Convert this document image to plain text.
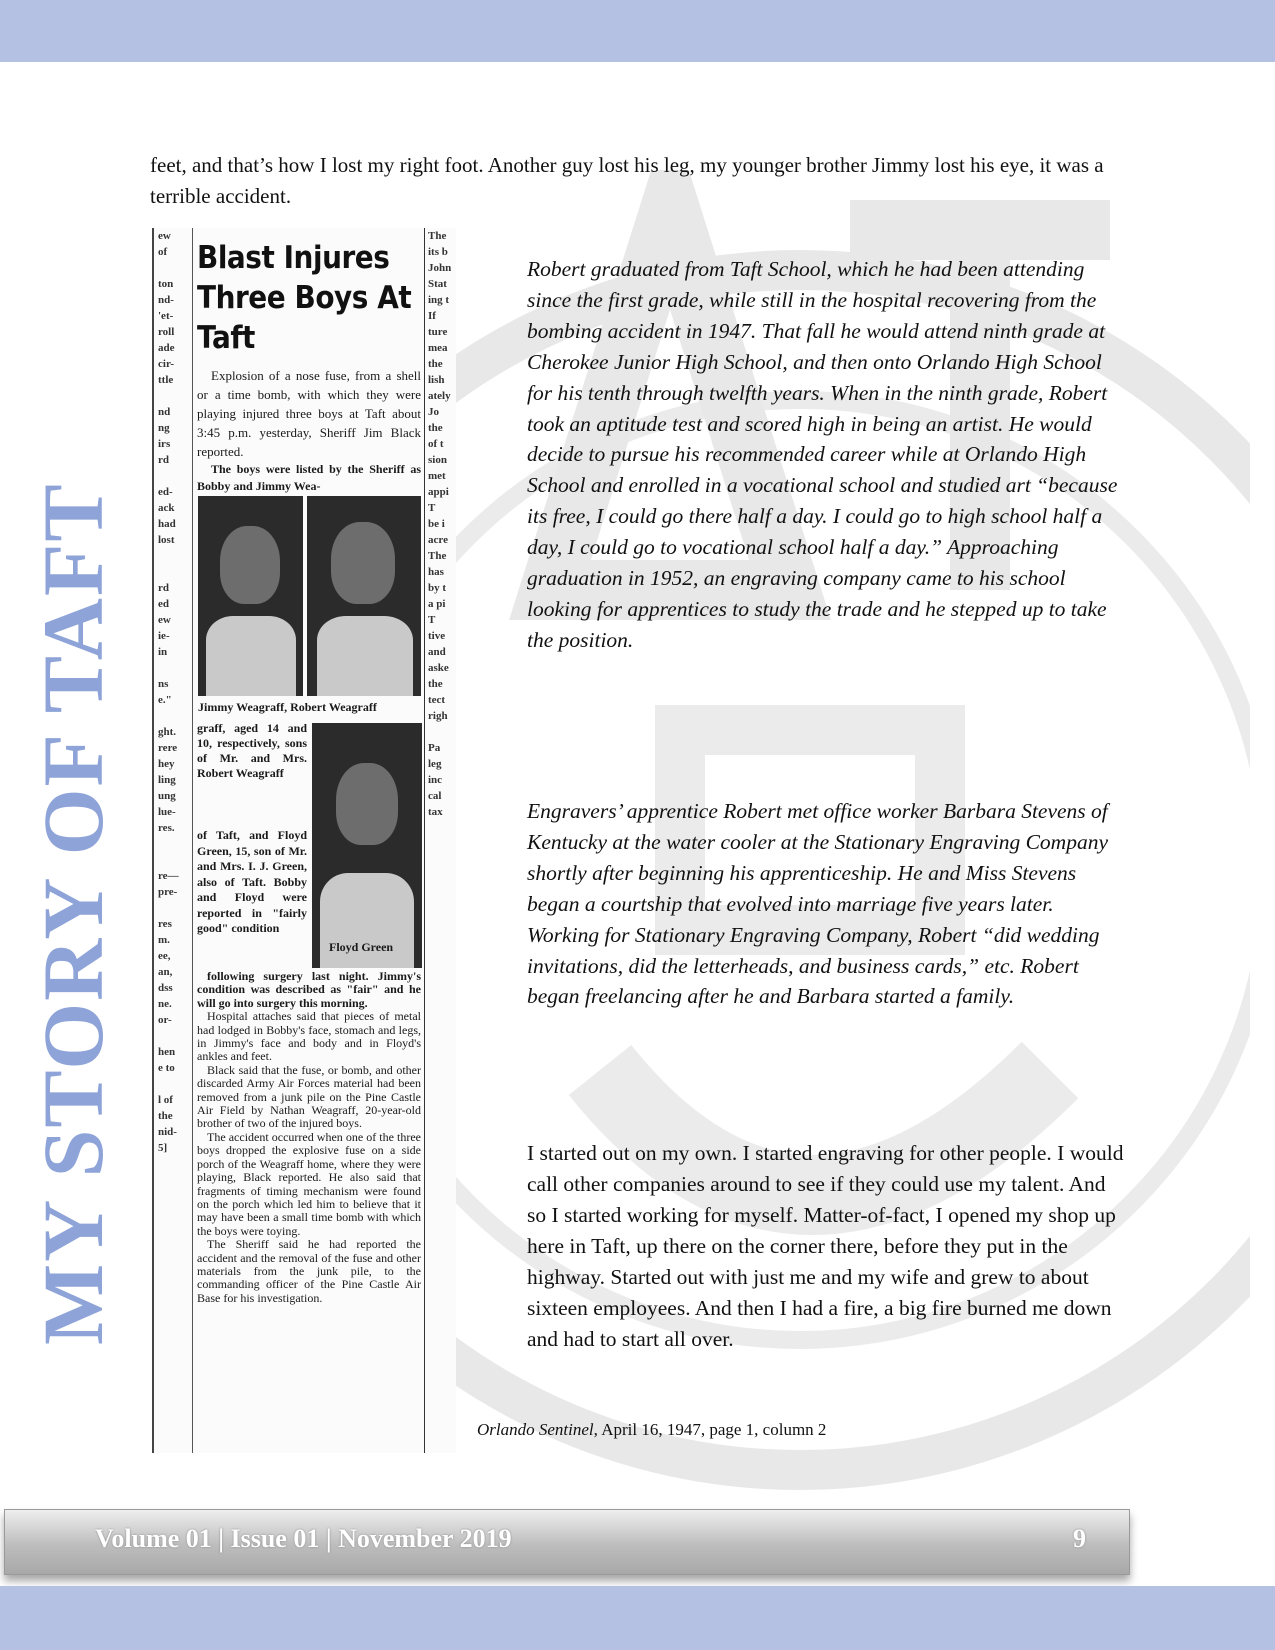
MY STORY OF TAFT
feet, and that’s how I lost my right foot. Another guy lost his leg, my younger brother Jimmy lost his eye, it was a terrible accident.
ew
of

ton
nd-
'et-
roll
ade
cir-
ttle

nd
ng
irs
rd

ed-
ack
had
lost

rd
ed
ew
ie-
in

ns
e."

ght.
rere
hey
ling
ung
lue-
res.

re—
pre-

res
m.
ee,
an,
dss
ne.
or-

hen
e to

l of
the
nid-
5]
The
its b
John
Stat
ing t
If
ture
mea
the
lish
ately
Jo
the
of t
sion
met
appi
T
be i
acre
The
has
by t
a pi
T
tive
and
aske
the
tect
righ

Pa
leg
inc
cal
tax
Blast Injures Three Boys At Taft

Explosion of a nose fuse, from a shell or a time bomb, with which they were playing injured three boys at Taft about 3:45 p.m. yesterday, Sheriff Jim Black reported.

The boys were listed by the Sheriff as Bobby and Jimmy Wea-

Jimmy Weagraff, Robert Weagraff
graff, aged 14 and 10, respectively, sons of Mr. and Mrs. Robert Weagraff
of Taft, and Floyd Green, 15, son of Mr. and Mrs. I. J. Green, also of Taft. Bobby and Floyd were reported in "fairly good" condition
Floyd Green

following surgery last night. Jimmy's condition was described as "fair" and he will go into surgery this morning.

Hospital attaches said that pieces of metal had lodged in Bobby's face, stomach and legs, in Jimmy's face and body and in Floyd's ankles and feet.

Black said that the fuse, or bomb, and other discarded Army Air Forces material had been removed from a junk pile on the Pine Castle Air Field by Nathan Weagraff, 20-year-old brother of two of the injured boys.

The accident occurred when one of the three boys dropped the explosive fuse on a side porch of the Weagraff home, where they were playing, Black reported. He also said that fragments of timing mechanism were found on the porch which led him to believe that it may have been a small time bomb with which the boys were toying.

The Sheriff said he had reported the accident and the removal of the fuse and other materials from the junk pile, to the commanding officer of the Pine Castle Air Base for his investigation.

Robert graduated from Taft School, which he had been attending since the first grade, while still in the hospital recovering from the bombing accident in 1947. That fall he would attend ninth grade at Cherokee Junior High School, and then onto Orlando High School for his tenth through twelfth years. When in the ninth grade, Robert took an aptitude test and scored high in being an artist. He would decide to pursue his recommended career while at Orlando High School and enrolled in a vocational school and studied art “because its free, I could go there half a day. I could go to high school half a day, I could go to vocational school half a day.” Approaching graduation in 1952, an engraving company came to his school looking for apprentices to study the trade and he stepped up to take the position.
Engravers’ apprentice Robert met office worker Barbara Stevens of Kentucky at the water cooler at the Stationary Engraving Company shortly after beginning his apprenticeship. He and Miss Stevens began a courtship that evolved into marriage five years later. Working for Stationary Engraving Company, Robert “did wedding invitations, did the letterheads, and business cards,” etc. Robert began freelancing after he and Barbara started a family.
I started out on my own. I started engraving for other people. I would call other companies around to see if they could use my talent. And so I started working for myself. Matter-of-fact, I opened my shop up here in Taft, up there on the corner there, before they put in the highway. Started out with just me and my wife and grew to about sixteen employees. And then I had a fire, a big fire burned me down and had to start all over.
Orlando Sentinel, April 16, 1947, page 1, column 2
Volume 01 | Issue 01 | November 2019	9
